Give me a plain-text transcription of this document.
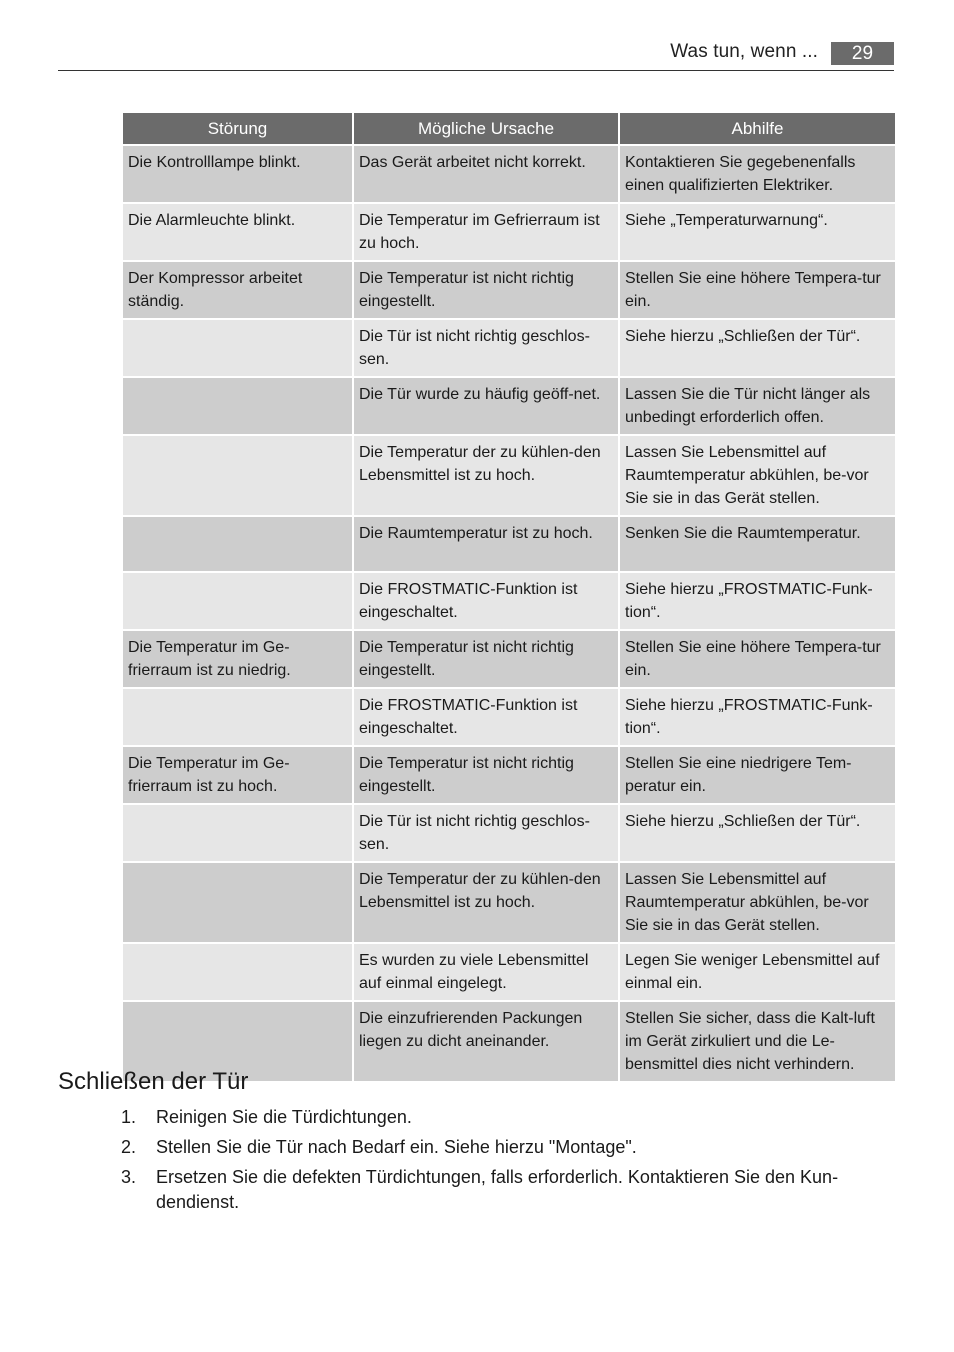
Was tun, wenn ...	29
Störung	Mögliche Ursache	Abhilfe
Die Kontrolllampe blinkt.	Das Gerät arbeitet nicht korrekt.	Kontaktieren Sie gegebenenfalls einen qualifizierten Elektriker.
Die Alarmleuchte blinkt.	Die Temperatur im Gefrierraum ist zu hoch.	Siehe „Temperaturwarnung“.
Der Kompressor arbeitet ständig.	Die Temperatur ist nicht richtig eingestellt.	Stellen Sie eine höhere Tempera-tur ein.
	Die Tür ist nicht richtig geschlos-sen.	Siehe hierzu „Schließen der Tür“.
	Die Tür wurde zu häufig geöff-net.	Lassen Sie die Tür nicht länger als unbedingt erforderlich offen.
	Die Temperatur der zu kühlen-den Lebensmittel ist zu hoch.	Lassen Sie Lebensmittel auf Raumtemperatur abkühlen, be-vor Sie sie in das Gerät stellen.
	Die Raumtemperatur ist zu hoch.	Senken Sie die Raumtemperatur.
	Die FROSTMATIC-Funktion ist eingeschaltet.	Siehe hierzu „FROSTMATIC-Funk-tion“.
Die Temperatur im Ge-frierraum ist zu niedrig.	Die Temperatur ist nicht richtig eingestellt.	Stellen Sie eine höhere Tempera-tur ein.
	Die FROSTMATIC-Funktion ist eingeschaltet.	Siehe hierzu „FROSTMATIC-Funk-tion“.
Die Temperatur im Ge-frierraum ist zu hoch.	Die Temperatur ist nicht richtig eingestellt.	Stellen Sie eine niedrigere Tem-peratur ein.
	Die Tür ist nicht richtig geschlos-sen.	Siehe hierzu „Schließen der Tür“.
	Die Temperatur der zu kühlen-den Lebensmittel ist zu hoch.	Lassen Sie Lebensmittel auf Raumtemperatur abkühlen, be-vor Sie sie in das Gerät stellen.
	Es wurden zu viele Lebensmittel auf einmal eingelegt.	Legen Sie weniger Lebensmittel auf einmal ein.
	Die einzufrierenden Packungen liegen zu dicht aneinander.	Stellen Sie sicher, dass die Kalt-luft im Gerät zirkuliert und die Le-bensmittel dies nicht verhindern.
Schließen der Tür
1. Reinigen Sie die Türdichtungen.
2. Stellen Sie die Tür nach Bedarf ein. Siehe hierzu "Montage".
3. Ersetzen Sie die defekten Türdichtungen, falls erforderlich. Kontaktieren Sie den Kun-dendienst.
